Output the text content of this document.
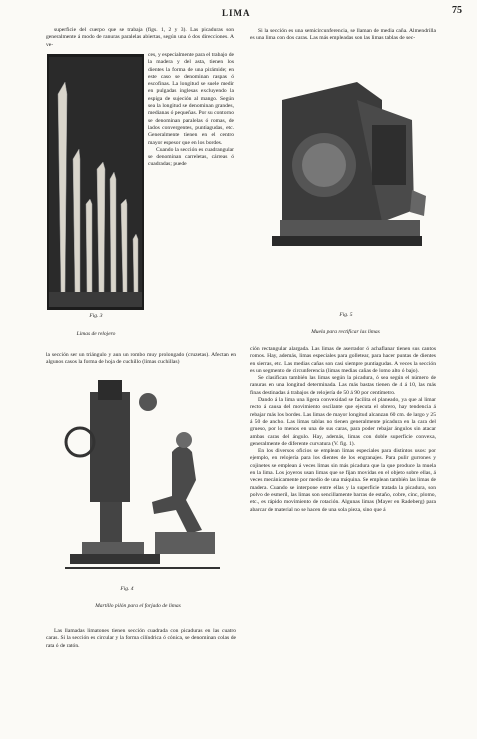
LIMA	75

superficie del cuerpo que se trabaja (figs. 1, 2 y 3). Las picaduras son generalmente á modo de ranuras paralelas abiertas, según una ó dos direcciones. A ve-

Fig. 3
Limas de relojero

ces, y especialmente para el trabajo de la madera y del asta, tienen los dientes la forma de una pirámide; en este caso se denominan raspas ó escofinas. La longitud se suele medir en pulgadas inglesas excluyendo la espiga de sujeción al mango. Según sea la longitud se denominan grandes, medianas ó pequeñas. Por su contorno se denominan paralelas ó romas, de lados convergentes, puntiagudas, etc. Generalmente tienen en el centro mayor espesor que en los bordes.

Cuando la sección es cuadrangular se denominan carreletas, cárreas ó cuadradas; puede

la sección ser un triángulo y aun un rombo muy prolongado (cruzetas). Afectan en algunos casos la forma de hoja de cuchillo (limas cuchillas)

Fig. 4
Martillo pilón para el forjado de limas

Las llamadas limatones tienen sección cuadrada con picaduras en las cuatro caras. Si la sección es circular y la forma cilíndrica ó cónica, se denominan colas de rata ó de ratón.

Si la sección es una semicircunferencia, se llaman de media caña. Almendrilla es una lima con dos caras. Las más empleadas son las limas tablas de sec-

Fig. 5
Muela para rectificar las limas

ción rectangular alargada. Las limas de aserrador ó achaflanar tienen sus cantos romos. Hay, además, limas especiales para golletear, para hacer puntas de dientes en sierras, etc. Las medias cañas son casi siempre puntiagudas. A veces la sección es un segmento de circunferencia (limas medias cañas de lomo alto ó bajo).

Se clasifican también las limas según la picadura, ó sea según el número de ranuras en una longitud determinada. Las más bastas tienen de 4 á 10, las más finas destinadas á trabajos de relojería de 50 á 90 por centímetro.

Dando á la lima una ligera convexidad se facilita el planeado, ya que al limar recto á causa del movimiento oscilante que ejecuta el obrero, hay tendencia á rebajar más los bordes. Las limas de mayor longitud alcanzan 60 cm. de largo y 25 á 50 de ancho. Las limas tablas no tienen generalmente picadura en la cara del grueso, por lo menos en una de sus caras, para poder rebajar ángulos sin atacar ambas caras del ángulo. Hay, además, limas con doble superficie convexa, generalmente de diferente curvatura (V. fig. 1).

En los diversos oficios se emplean limas especiales para distintos usos: por ejemplo, en relojería para los dientes de los engranajes. Para pulir gurrones y cojinetes se emplean á veces limas sin más picadura que la que produce la muela en la lima. Los joyeros usan limas que se fijan movidas en el objeto sobre ellas, á veces mecánicamente por medio de una máquina. Se emplean también las limas de madera. Cuando se interpone entre ellas y la superficie tratada la picadura, son polvo de esmeril, las limas son sencillamente barras de estaño, cobre, cinc, plomo, etc., es rápido movimiento de rotación. Algunas limas (Mayer en Radeberg) para abarcar de material no se hacen de una sola pieza, sino que á
